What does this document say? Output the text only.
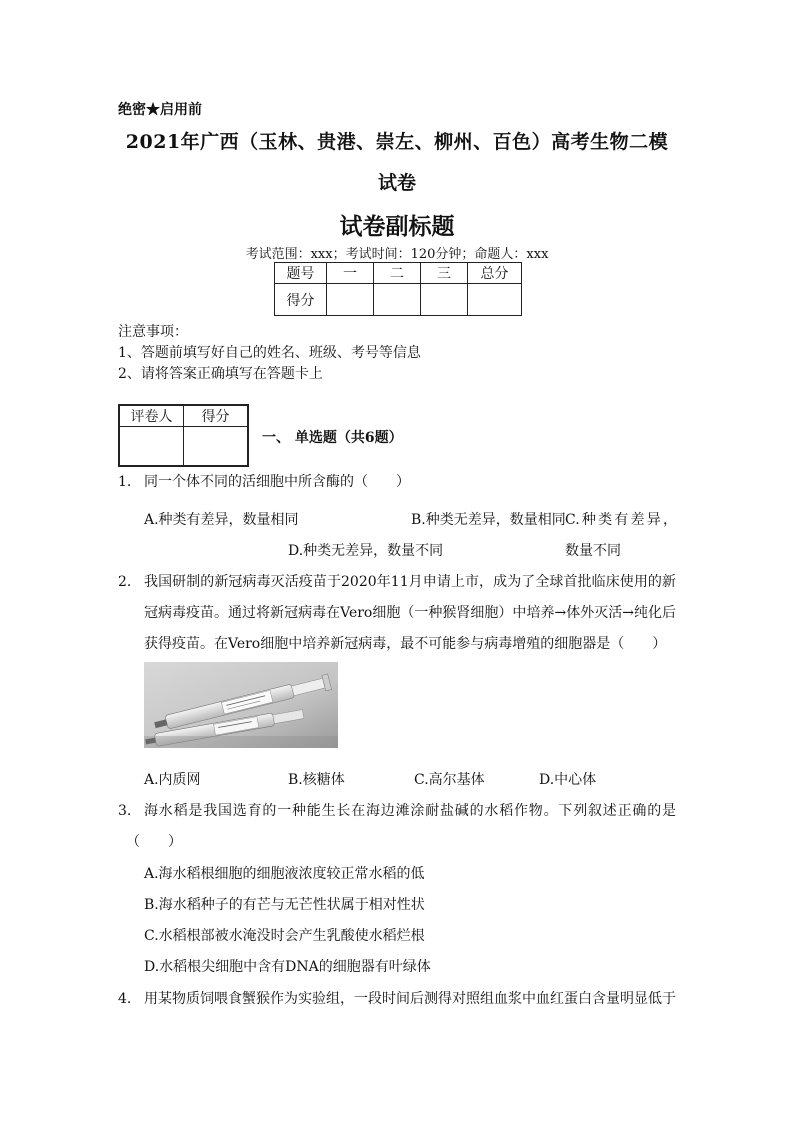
绝密★启用前
2021年广西（玉林、贵港、崇左、柳州、百色）高考生物二模
试卷
试卷副标题
考试范围：xxx；考试时间：120分钟；命题人：xxx
题号	一	二	三	总分
得分				
注意事项：
1、答题前填写好自己的姓名、班级、考号等信息
2、请将答案正确填写在答题卡上
评卷人	得分

一、 单选题（共6题）
1. 同一个体不同的活细胞中所含酶的（　　）
A.种类有差异，数量相同	B.种类无差异，数量相同 C.种类有差异，数量不同
D.种类无差异，数量不同
2. 我国研制的新冠病毒灭活疫苗于2020年11月申请上市，成为了全球首批临床使用的新冠病毒疫苗。通过将新冠病毒在Vero细胞（一种猴肾细胞）中培养→体外灭活→纯化后获得疫苗。在Vero细胞中培养新冠病毒，最不可能参与病毒增殖的细胞器是（　　）
A.内质网	B.核糖体	C.高尔基体	D.中心体
3. 海水稻是我国选育的一种能生长在海边滩涂耐盐碱的水稻作物。下列叙述正确的是（　　）
A.海水稻根细胞的细胞液浓度较正常水稻的低
B.海水稻种子的有芒与无芒性状属于相对性状
C.水稻根部被水淹没时会产生乳酸使水稻烂根
D.水稻根尖细胞中含有DNA的细胞器有叶绿体
4. 用某物质饲喂食蟹猴作为实验组，一段时间后测得对照组血浆中血红蛋白含量明显低于
